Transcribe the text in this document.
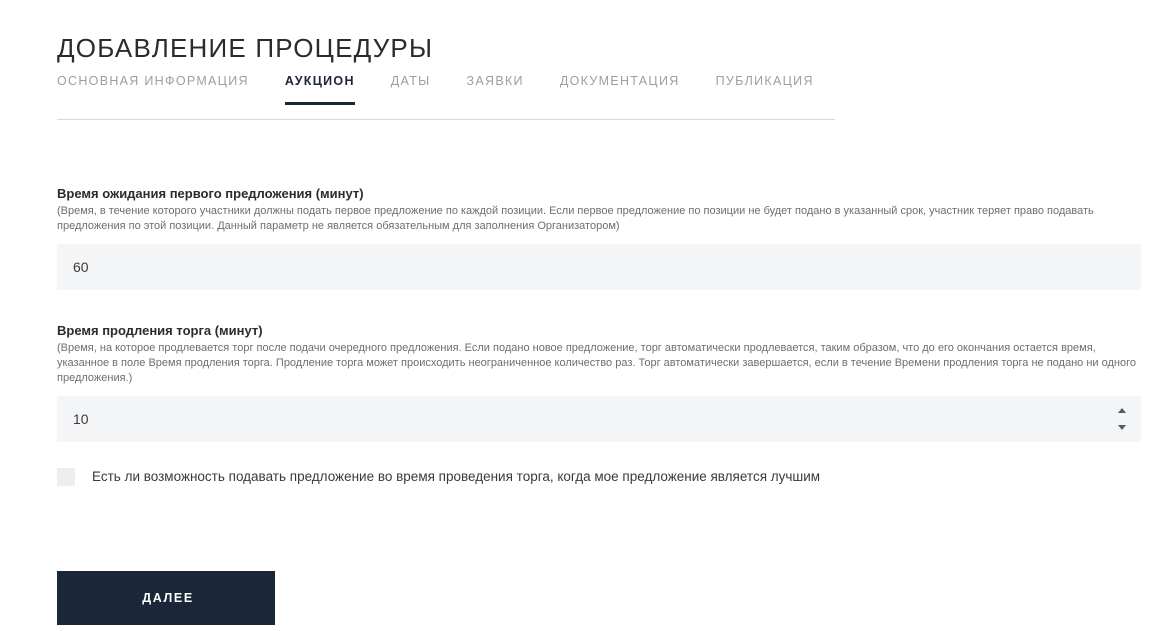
ДОБАВЛЕНИЕ ПРОЦЕДУРЫ
ОСНОВНАЯ ИНФОРМАЦИЯ	АУКЦИОН	ДАТЫ	ЗАЯВКИ	ДОКУМЕНТАЦИЯ	ПУБЛИКАЦИЯ
Время ожидания первого предложения (минут)
(Время, в течение которого участники должны подать первое предложение по каждой позиции. Если первое предложение по позиции не будет подано в указанный срок, участник теряет право подавать предложения по этой позиции. Данный параметр не является обязательным для заполнения Организатором)
60
Время продления торга (минут)
(Время, на которое продлевается торг после подачи очередного предложения. Если подано новое предложение, торг автоматически продлевается, таким образом, что до его окончания остается время, указанное в поле Время продления торга. Продление торга может происходить неограниченное количество раз. Торг автоматически завершается, если в течение Времени продления торга не подано ни одного предложения.)
10
Есть ли возможность подавать предложение во время проведения торга, когда мое предложение является лучшим
ДАЛЕЕ
